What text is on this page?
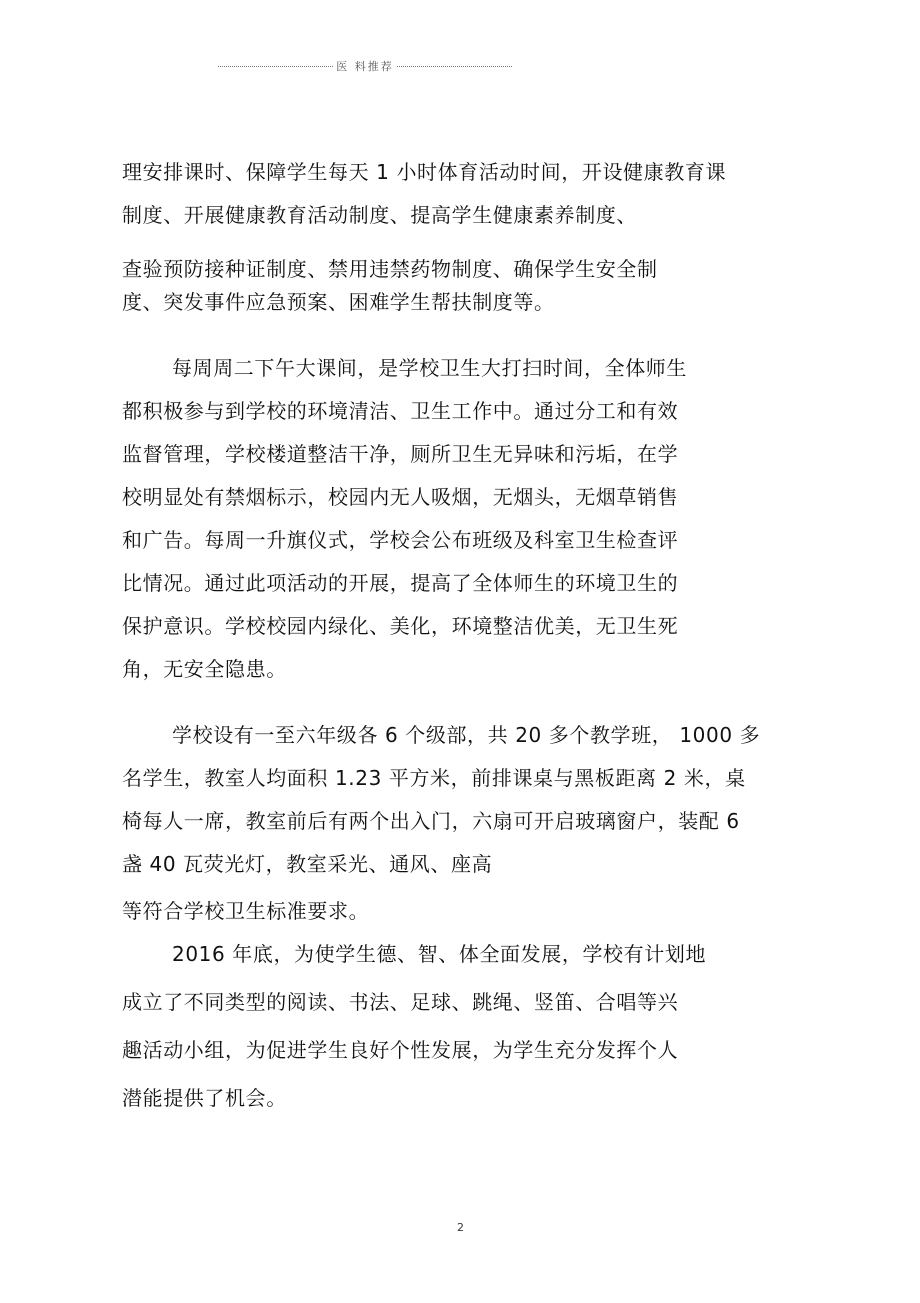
医 料推荐
理安排课时、保障学生每天 1 小时体育活动时间，开设健康教育课
制度、开展健康教育活动制度、提高学生健康素养制度、
查验预防接种证制度、禁用违禁药物制度、确保学生安全制
度、突发事件应急预案、困难学生帮扶制度等。
每周周二下午大课间，是学校卫生大打扫时间，全体师生
都积极参与到学校的环境清洁、卫生工作中。通过分工和有效
监督管理，学校楼道整洁干净，厕所卫生无异味和污垢，在学
校明显处有禁烟标示，校园内无人吸烟，无烟头，无烟草销售
和广告。每周一升旗仪式，学校会公布班级及科室卫生检查评
比情况。通过此项活动的开展，提高了全体师生的环境卫生的
保护意识。学校校园内绿化、美化，环境整洁优美，无卫生死
角，无安全隐患。
学校设有一至六年级各 6 个级部，共 20 多个教学班， 1000 多
名学生，教室人均面积 1.23 平方米，前排课桌与黑板距离 2 米，桌
椅每人一席，教室前后有两个出入门，六扇可开启玻璃窗户，装配 6
盏 40 瓦荧光灯，教室采光、通风、座高
等符合学校卫生标准要求。
2016 年底，为使学生德、智、体全面发展，学校有计划地
成立了不同类型的阅读、书法、足球、跳绳、竖笛、合唱等兴
趣活动小组，为促进学生良好个性发展，为学生充分发挥个人
潜能提供了机会。
2
